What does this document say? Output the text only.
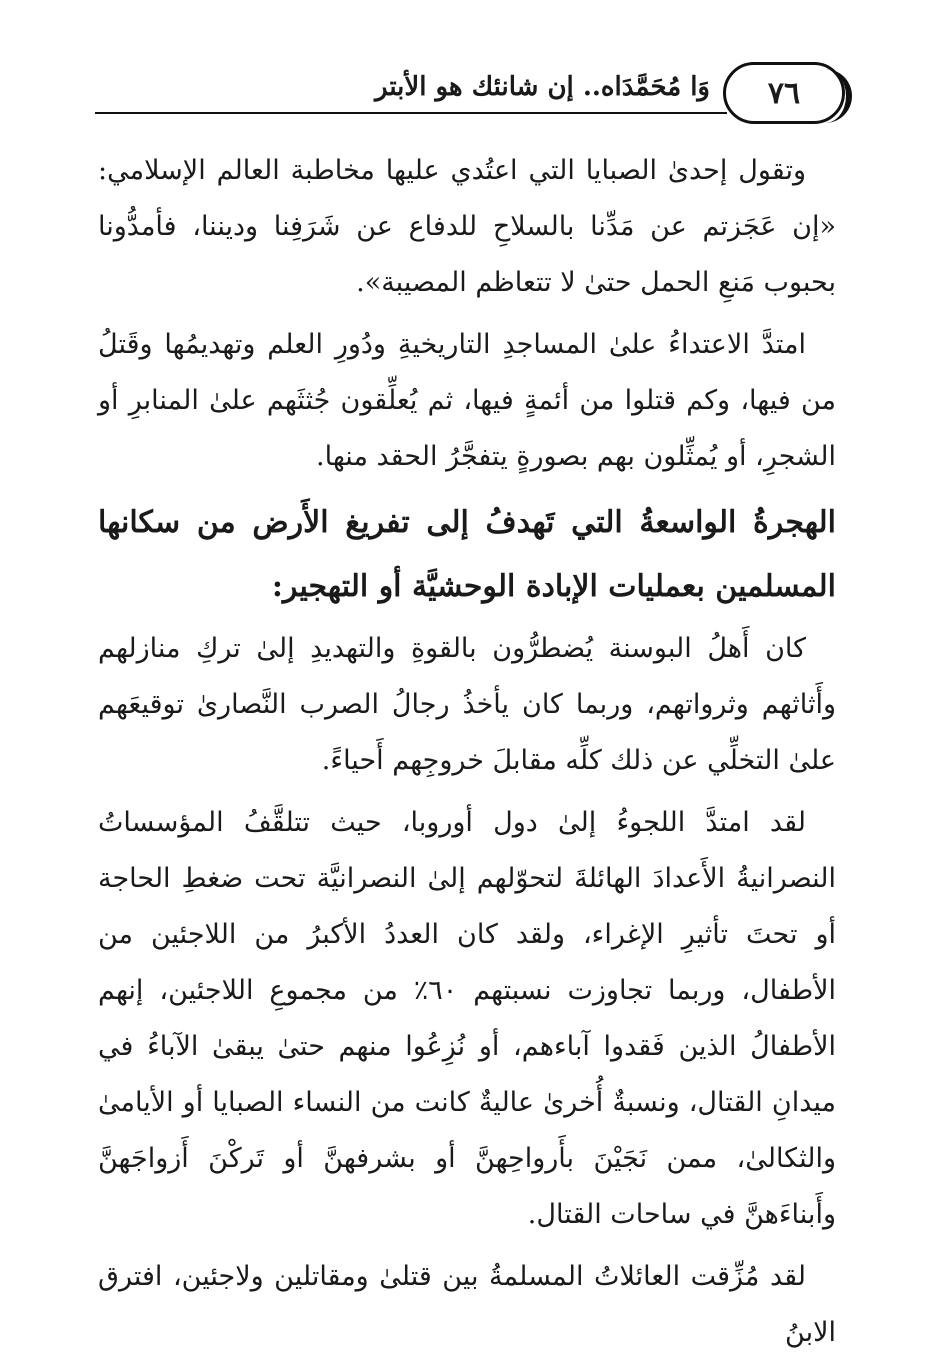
٧٦
وَا مُحَمَّدَاه.. إن شانئك هو الأبتر

وتقول إحدىٰ الصبايا التي اعتُدي عليها مخاطبة العالم الإسلامي: «إن عَجَزتم عن مَدِّنا بالسلاحِ للدفاع عن شَرَفِنا وديننا، فأمدُّونا بحبوب مَنعِ الحمل حتىٰ لا تتعاظم المصيبة».

امتدَّ الاعتداءُ علىٰ المساجدِ التاريخيةِ ودُورِ العلم وتهديمُها وقَتلُ من فيها، وكم قتلوا من أئمةٍ فيها، ثم يُعلِّقون جُثثَهم علىٰ المنابرِ أو الشجرِ، أو يُمثِّلون بهم بصورةٍ يتفجَّرُ الحقد منها.

الهجرةُ الواسعةُ التي تَهدفُ إلى تفريغ الأَرض من سكانها المسلمين بعمليات الإبادة الوحشيَّة أو التهجير:

كان أَهلُ البوسنة يُضطرُّون بالقوةِ والتهديدِ إلىٰ تركِ منازلهم وأَثاثهم وثرواتهم، وربما كان يأخذُ رجالُ الصرب النَّصارىٰ توقيعَهم علىٰ التخلِّي عن ذلك كلِّه مقابلَ خروجِهم أَحياءً.

لقد امتدَّ اللجوءُ إلىٰ دول أوروبا، حيث تتلقَّفُ المؤسساتُ النصرانيةُ الأَعدادَ الهائلةَ لتحوّلهم إلىٰ النصرانيَّة تحت ضغطِ الحاجة أو تحتَ تأثيرِ الإغراء، ولقد كان العددُ الأكبرُ من اللاجئين من الأطفال، وربما تجاوزت نسبتهم ٦٠٪ من مجموعِ اللاجئين، إنهم الأطفالُ الذين فَقدوا آباءهم، أو نُزِعُوا منهم حتىٰ يبقىٰ الآباءُ في ميدانِ القتال، ونسبةٌ أُخرىٰ عاليةٌ كانت من النساء الصبايا أو الأيامىٰ والثكالىٰ، ممن نَجَيْنَ بأَرواحِهنَّ أو بشرفهنَّ أو تَركْنَ أَزواجَهنَّ وأَبناءَهنَّ في ساحات القتال.

لقد مُزِّقت العائلاتُ المسلمةُ بين قتلىٰ ومقاتلين ولاجئين، افترق الابنُ
